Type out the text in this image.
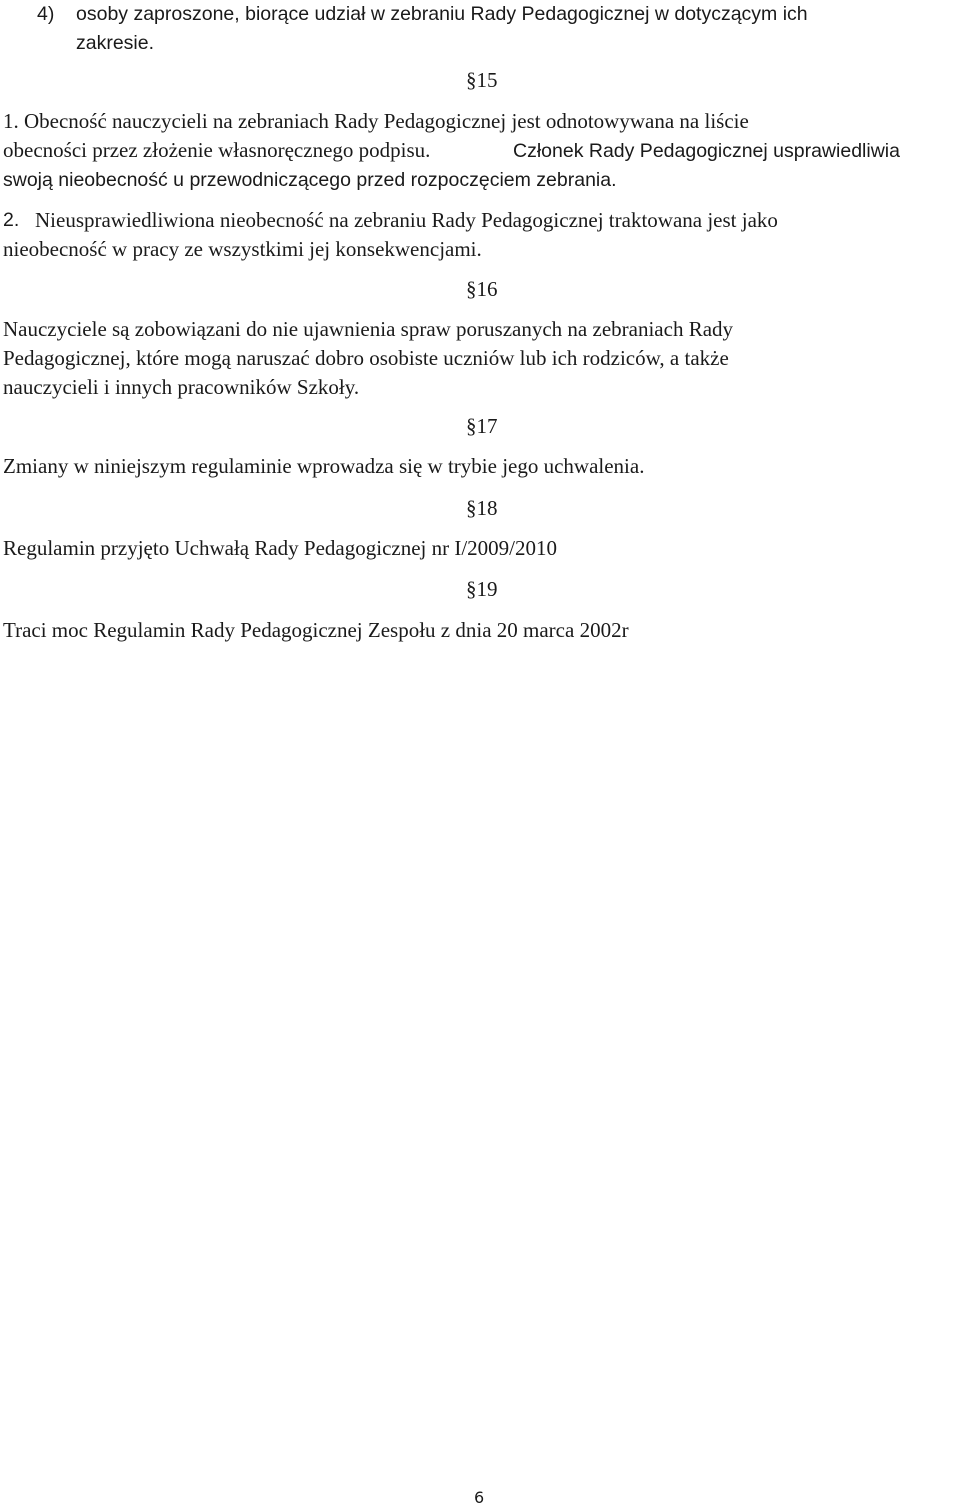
4) osoby zaproszone, biorące udział w zebraniu Rady Pedagogicznej w dotyczącym ich
zakresie.
§15
1. Obecność nauczycieli na zebraniach Rady Pedagogicznej jest odnotowywana na liście
obecności przez złożenie własnoręcznego podpisu.	Członek Rady Pedagogicznej usprawiedliwia
swoją nieobecność u przewodniczącego przed rozpoczęciem zebrania.
2. Nieusprawiedliwiona nieobecność na zebraniu Rady Pedagogicznej traktowana jest jako
nieobecność w pracy ze wszystkimi jej konsekwencjami.
§16
Nauczyciele są zobowiązani do nie ujawnienia spraw poruszanych na zebraniach Rady
Pedagogicznej, które mogą naruszać dobro osobiste uczniów lub ich rodziców, a także
nauczycieli i innych pracowników Szkoły.
§17
Zmiany w niniejszym regulaminie wprowadza się w trybie jego uchwalenia.
§18
Regulamin przyjęto Uchwałą Rady Pedagogicznej nr I/2009/2010
§19
Traci moc Regulamin Rady Pedagogicznej Zespołu z dnia 20 marca 2002r
6
